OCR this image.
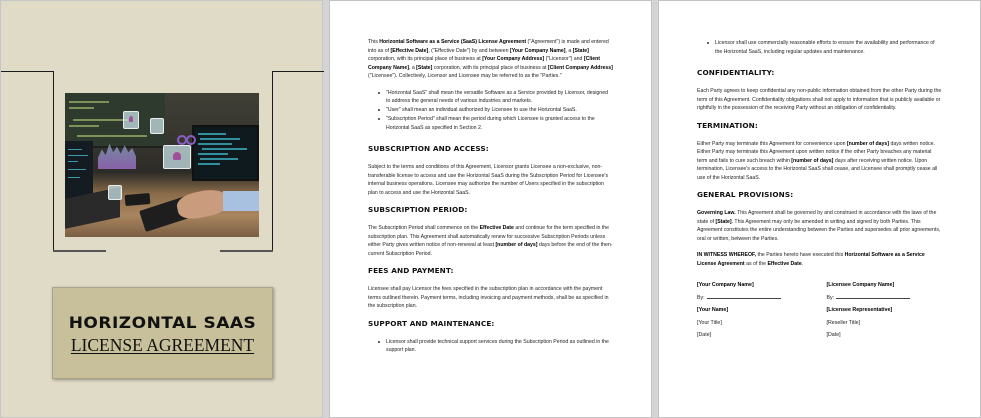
HORIZONTAL SAAS
LICENSE AGREEMENT

This Horizontal Software as a Service (SaaS) License Agreement ("Agreement") is made and entered into as of [Effective Date], ("Effective Date") by and between [Your Company Name], a [State] corporation, with its principal place of business at [Your Company Address] ("Licensor") and [Client Company Name], a [State] corporation, with its principal place of business at [Client Company Address] ("Licensee"). Collectively, Licensor and Licensee may be referred to as the "Parties."

"Horizontal SaaS" shall mean the versatile Software as a Service provided by Licensor, designed to address the general needs of various industries and markets.
"User" shall mean an individual authorized by Licensee to use the Horizontal SaaS.
"Subscription Period" shall mean the period during which Licensee is granted access to the Horizontal SaaS as specified in Section 2.
SUBSCRIPTION AND ACCESS:

Subject to the terms and conditions of this Agreement, Licensor grants Licensee a non-exclusive, non-transferable license to access and use the Horizontal SaaS during the Subscription Period for Licensee's internal business operations. Licensee may authorize the number of Users specified in the subscription plan to access and use the Horizontal SaaS.

SUBSCRIPTION PERIOD:

The Subscription Period shall commence on the Effective Date and continue for the term specified in the subscription plan. This Agreement shall automatically renew for successive Subscription Periods unless either Party gives written notice of non-renewal at least [number of days] days before the end of the then-current Subscription Period.

FEES AND PAYMENT:

Licensee shall pay Licensor the fees specified in the subscription plan in accordance with the payment terms outlined therein. Payment terms, including invoicing and payment methods, shall be as specified in the subscription plan.

SUPPORT AND MAINTENANCE:
Licensor shall provide technical support services during the Subscription Period as outlined in the support plan.
Licensor shall use commercially reasonable efforts to ensure the availability and performance of the Horizontal SaaS, including regular updates and maintenance.
CONFIDENTIALITY:

Each Party agrees to keep confidential any non-public information obtained from the other Party during the term of this Agreement. Confidentiality obligations shall not apply to information that is publicly available or rightfully in the possession of the receiving Party without an obligation of confidentiality.

TERMINATION:

Either Party may terminate this Agreement for convenience upon [number of days] days written notice. Either Party may terminate this Agreement upon written notice if the other Party breaches any material term and fails to cure such breach within [number of days] days after receiving written notice. Upon termination, Licensee's access to the Horizontal SaaS shall cease, and Licensee shall promptly cease all use of the Horizontal SaaS.

GENERAL PROVISIONS:

Governing Law. This Agreement shall be governed by and construed in accordance with the laws of the state of [State]. This Agreement may only be amended in writing and signed by both Parties. This Agreement constitutes the entire understanding between the Parties and supersedes all prior agreements, oral or written, between the Parties.

IN WITNESS WHEREOF, the Parties hereto have executed this Horizontal Software as a Service License Agreement as of the Effective Date.

[Your Company Name]
By:
[Your Name]
[Your Title]
[Date]
[Licensee Company Name]
By:
[Licensee Representative]
[Reseller Title]
[Date]
